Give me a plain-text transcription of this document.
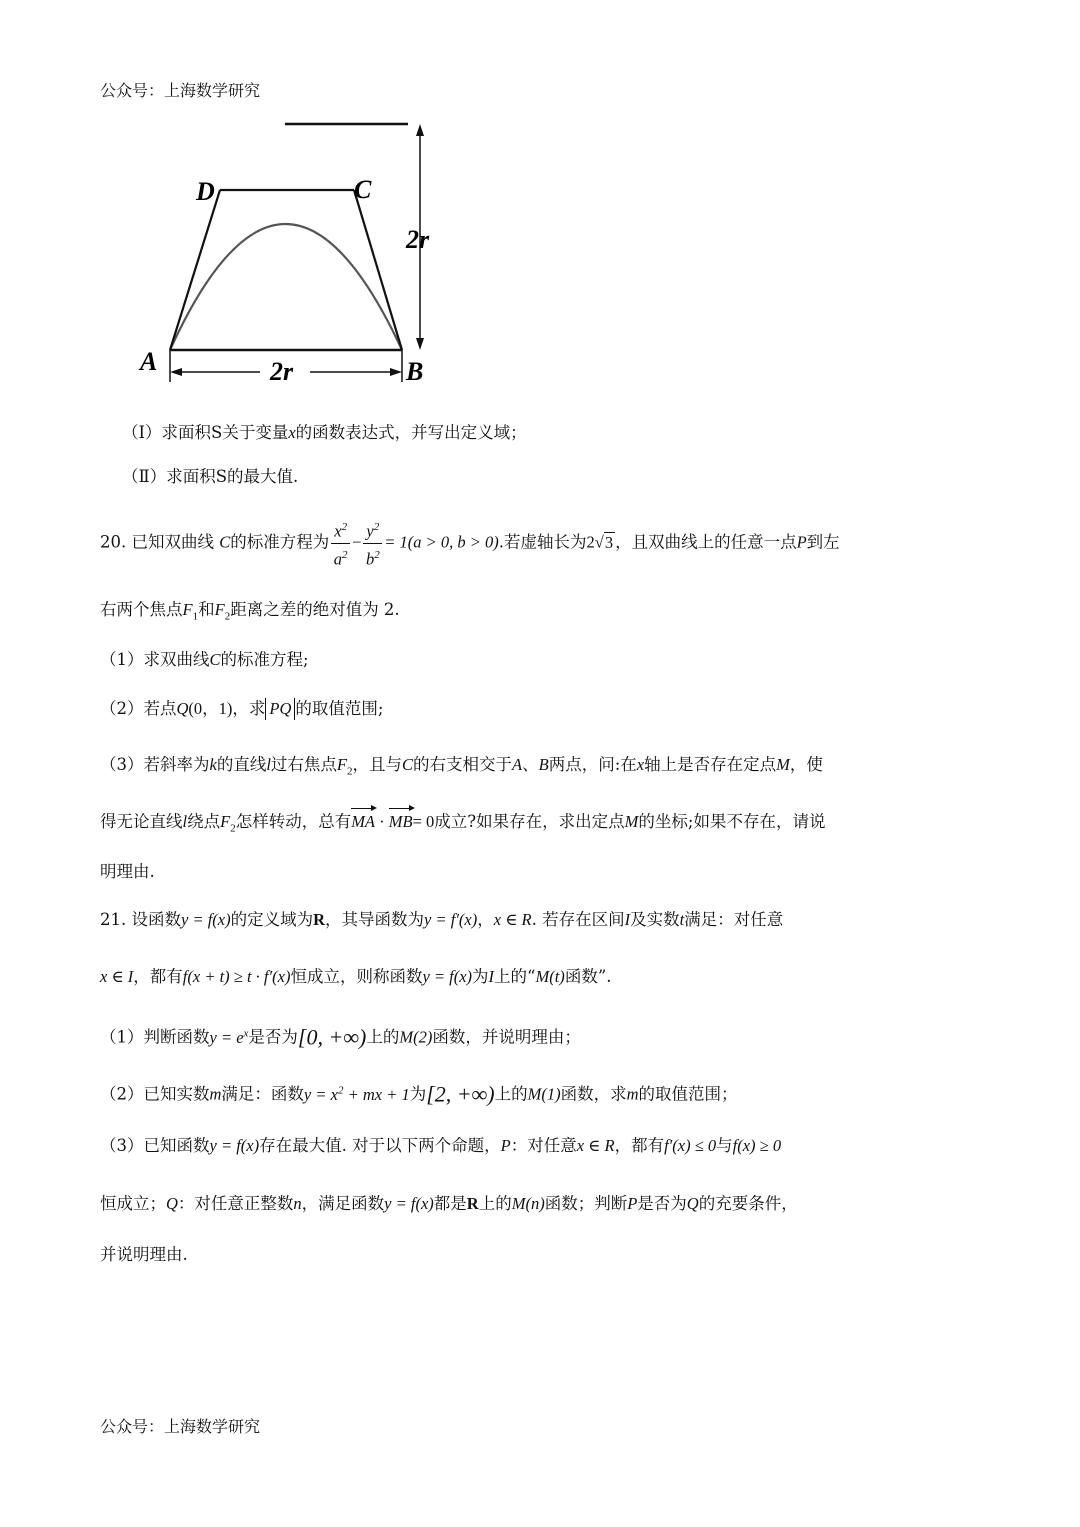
公众号：上海数学研究
D	C
A	B
2r
2r
（Ⅰ）求面积S关于变量x的函数表达式，并写出定义域；
（Ⅱ）求面积S的最大值.
20. 已知双曲线 C的标准方程为 $\frac{x^2}{a^2} - \frac{y^2}{b^2} = 1(a > 0$, b > 0).若虚轴长为2√3 ，且双曲线上的任意一点P到左
右两个焦点$F_1$和$F_2$距离之差的绝对值为 2.
（1）求双曲线C的标准方程;
（2）若点Q(0，1)，求 PQ 的取值范围;
（3）若斜率为k的直线l过右焦点$F_2$，且与C的右支相交于A、B两点，问:在x轴上是否存在定点M，使
得无论直线l绕点$F_2$怎样转动，总有MA · MB= 0成立?如果存在，求出定点M的坐标;如果不存在，请说
明理由.
21. 设函数y = f(x)的定义域为R，其导函数为y = f′(x)，x ∈ R. 若存在区间I及实数t满足：对任意
x ∈ I，都有f(x + t) ≥ t · f′(x)恒成立，则称函数y = f(x)为I上的“M(t)函数”.
（1）判断函数$y = e^x$是否为[0, +∞)上的M(2)函数，并说明理由；
（2）已知实数m满足：函数$y = x^2$ + mx + 1为[2, +∞)上的M(1)函数，求m的取值范围；
（3）已知函数y = f(x)存在最大值. 对于以下两个命题，P：对任意x ∈ R，都有f′(x) ≤ 0与f(x) ≥ 0
恒成立；Q：对任意正整数n，满足函数y = f(x)都是R上的M(n)函数；判断P是否为Q的充要条件，
并说明理由.
公众号：上海数学研究
